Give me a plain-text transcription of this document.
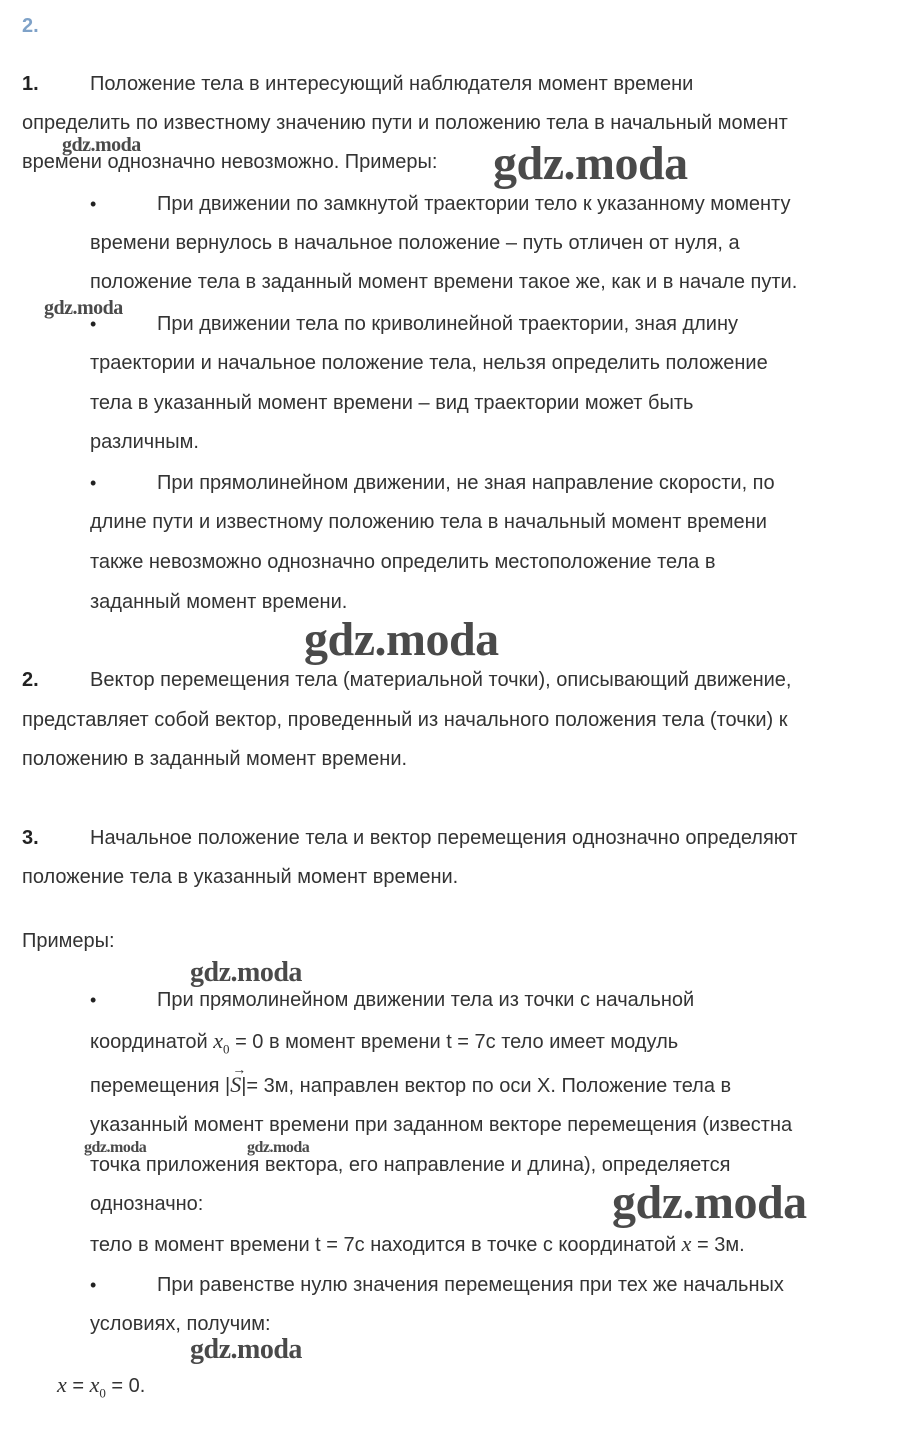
2.
1.	Положение тела в интересующий наблюдателя момент времени
определить по известному значению пути и положению тела в начальный момент
времени однозначно невозможно. Примеры:
•	При движении по замкнутой траектории тело к указанному моменту
времени вернулось в начальное положение – путь отличен от нуля, а
положение тела в заданный момент времени такое же, как и в начале пути.
•	При движении тела по криволинейной траектории, зная длину
траектории и начальное положение тела, нельзя определить положение
тела в указанный момент времени – вид траектории может быть
различным.
•	При прямолинейном движении, не зная направление скорости, по
длине пути и известному положению тела в начальный момент времени
также невозможно однозначно определить местоположение тела в
заданный момент времени.
2.	Вектор перемещения тела (материальной точки), описывающий движение,
представляет собой вектор, проведенный из начального положения тела (точки) к
положению в заданный момент времени.
3.	Начальное положение тела и вектор перемещения однозначно определяют
положение тела в указанный момент времени.
Примеры:
•	При прямолинейном движении тела из точки с начальной
координатой $x_0 = 0$ в момент времени t = 7с тело имеет модуль
перемещения |
→
S|= 3м, направлен вектор по оси X. Положение тела в
указанный момент времени при заданном векторе перемещения (известна
точка приложения вектора, его направление и длина), определяется
однозначно:
тело в момент времени t = 7с находится в точке с координатой x = 3м.
•	При равенстве нулю значения перемещения при тех же начальных
условиях, получим:
$x = x_0 = 0$.
gdz.moda	gdz.moda
gdz.moda
gdz.moda
gdz.moda
gdz.moda	gdz.moda
gdz.moda
gdz.moda
